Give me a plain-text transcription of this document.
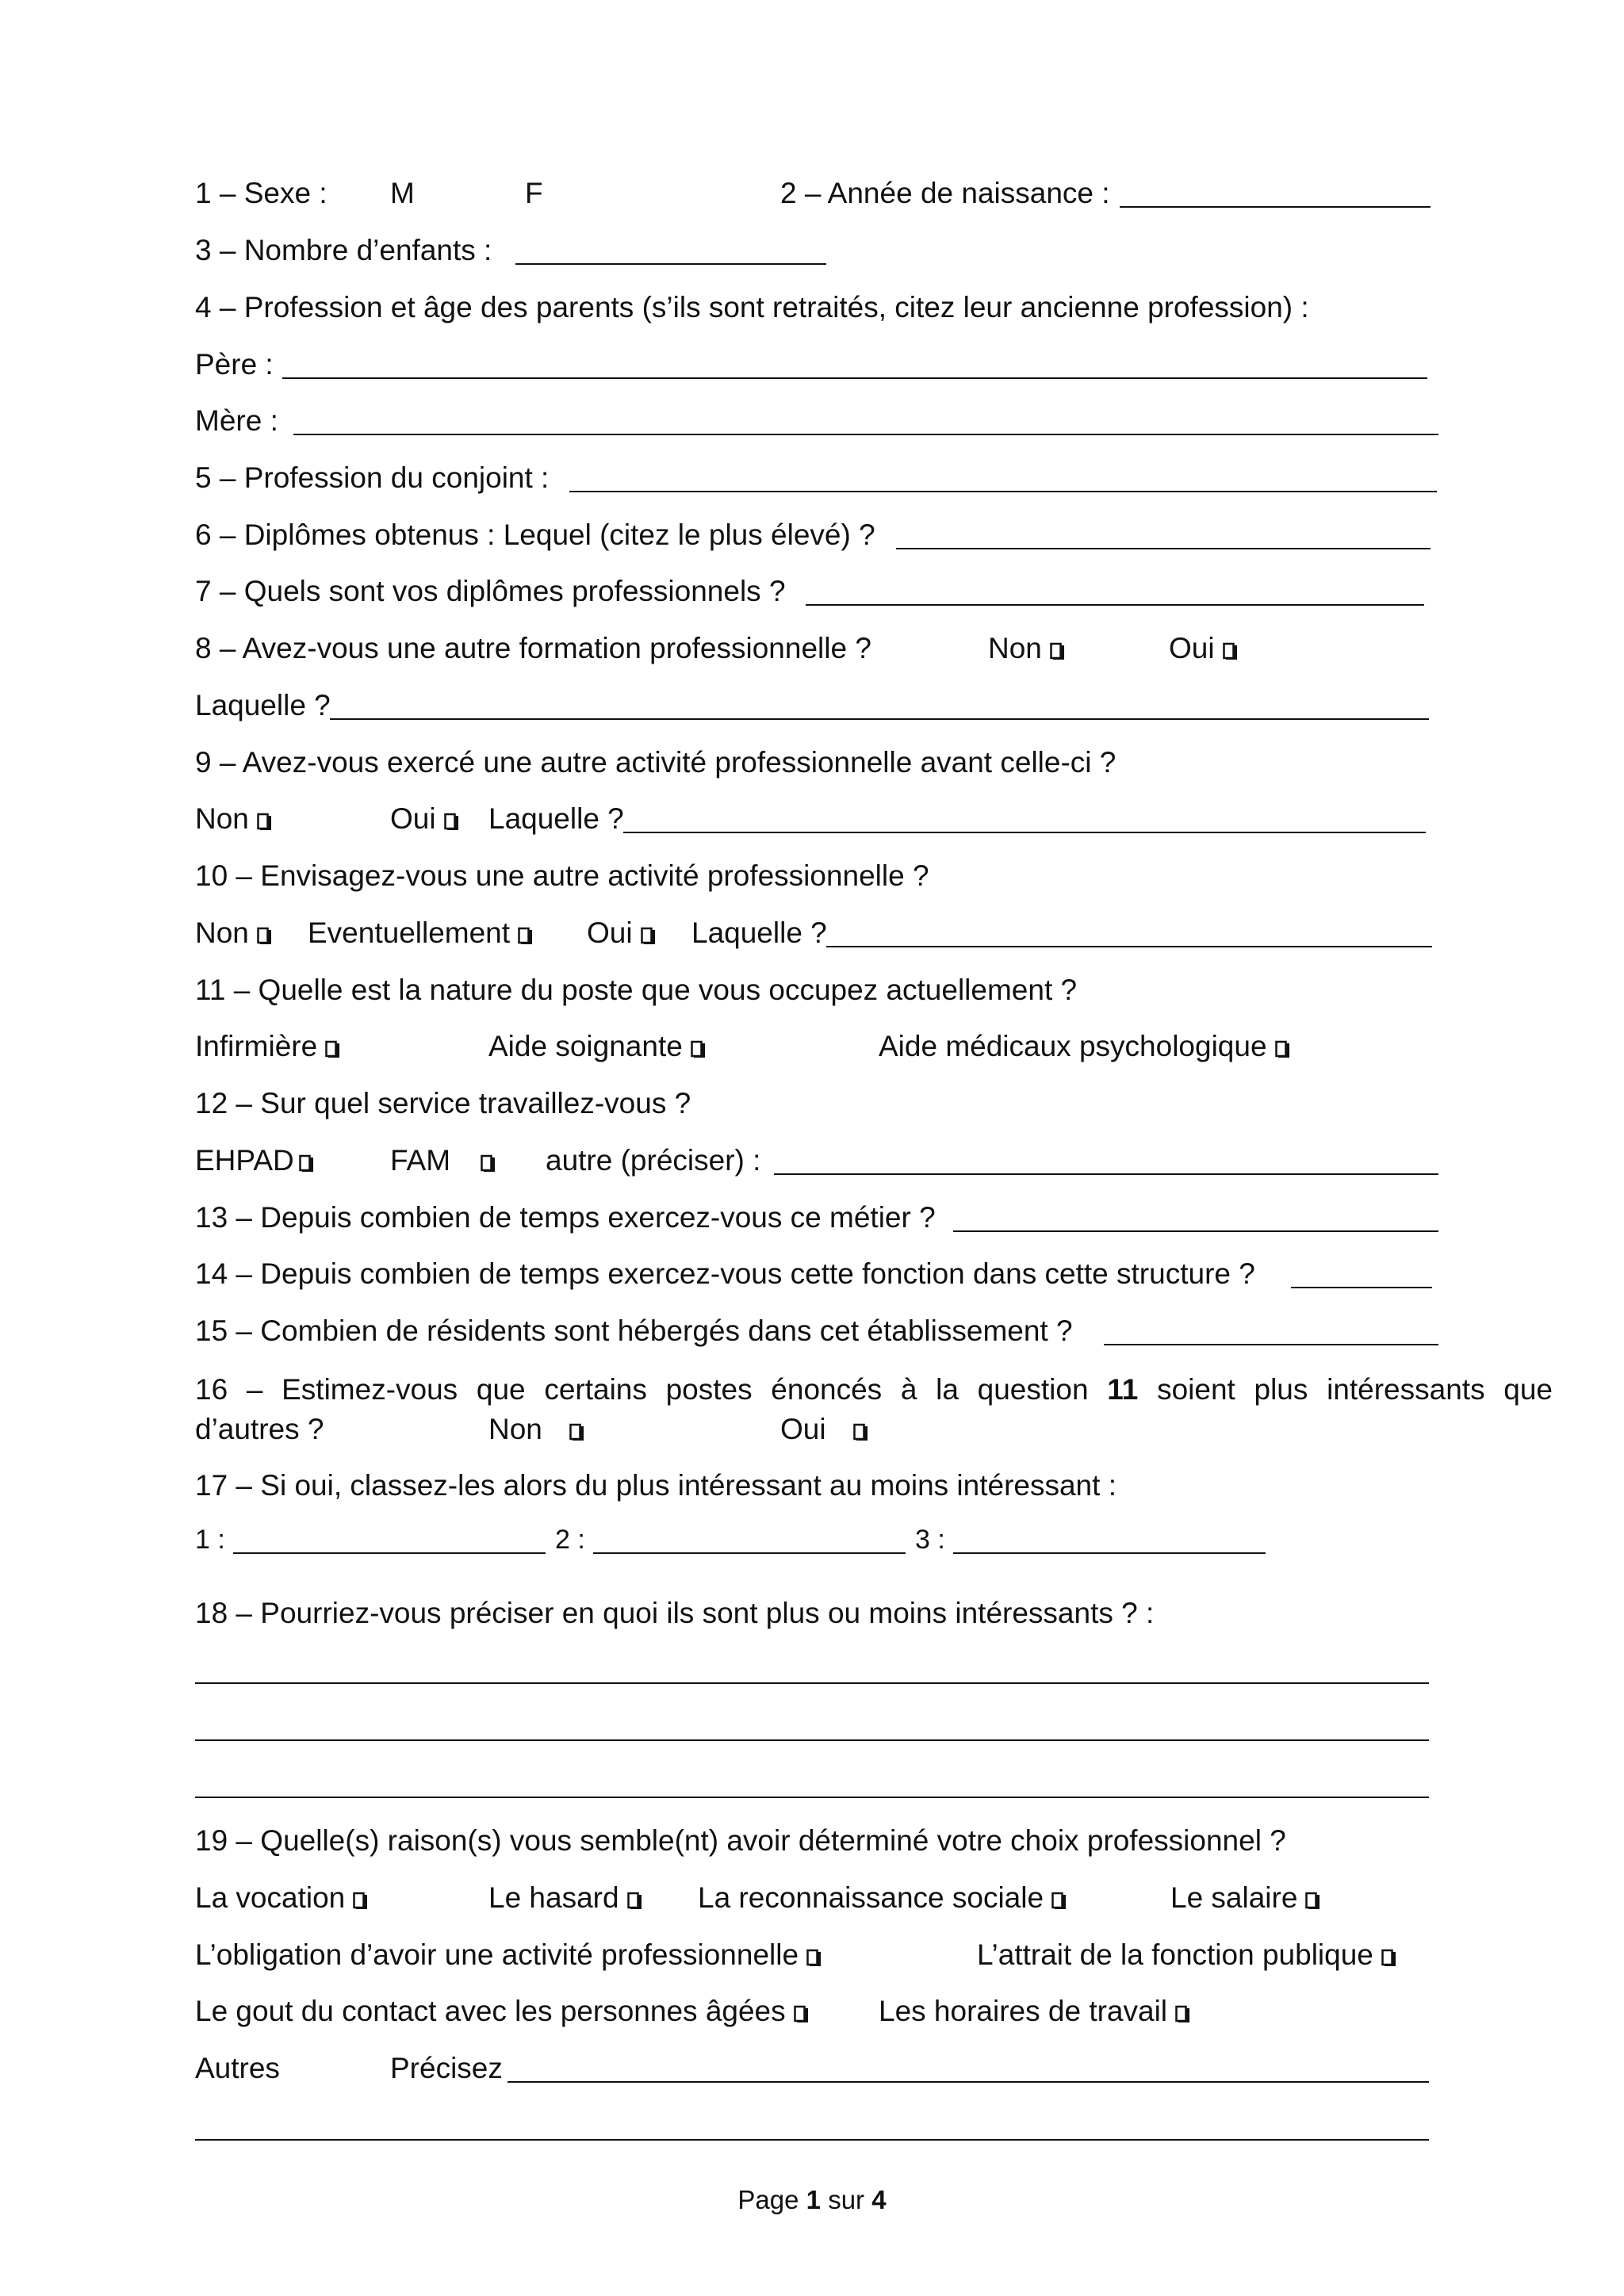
1 – Sexe : M	F	2 – Année de naissance :
3 – Nombre d’enfants :
4 – Profession et âge des parents (s’ils sont retraités, citez leur ancienne profession) :
Père :
Mère :
5 – Profession du conjoint :
6 – Diplômes obtenus : Lequel (citez le plus élevé) ?
7 – Quels sont vos diplômes professionnels ?
8 – Avez-vous une autre formation professionnelle ?	Non	Oui
Laquelle ?
9 – Avez-vous exercé une autre activité professionnelle avant celle-ci ?
Non	Oui	Laquelle ?
10 – Envisagez-vous une autre activité professionnelle ?
Non	Eventuellement	Oui	Laquelle ?
11 – Quelle est la nature du poste que vous occupez actuellement ?
Infirmière	Aide soignante	Aide médicaux psychologique
12 – Sur quel service travaillez-vous ?
EHPAD	FAM	autre (préciser) :
13 – Depuis combien de temps exercez-vous ce métier ?
14 – Depuis combien de temps exercez-vous cette fonction dans cette structure ?
15 – Combien de résidents sont hébergés dans cet établissement ?
16 – Estimez-vous que certains postes énoncés à la question 11 soient plus intéressants que
d’autres ?	Non	Oui
17 – Si oui, classez-les alors du plus intéressant au moins intéressant :
1 :	2 :	3 :
18 – Pourriez-vous préciser en quoi ils sont plus ou moins intéressants ? :
19 – Quelle(s) raison(s) vous semble(nt) avoir déterminé votre choix professionnel ?
La vocation	Le hasard	La reconnaissance sociale	Le salaire
L’obligation d’avoir une activité professionnelle	L’attrait de la fonction publique
Le gout du contact avec les personnes âgées	Les horaires de travail
Autres	Précisez
Page 1 sur 4
